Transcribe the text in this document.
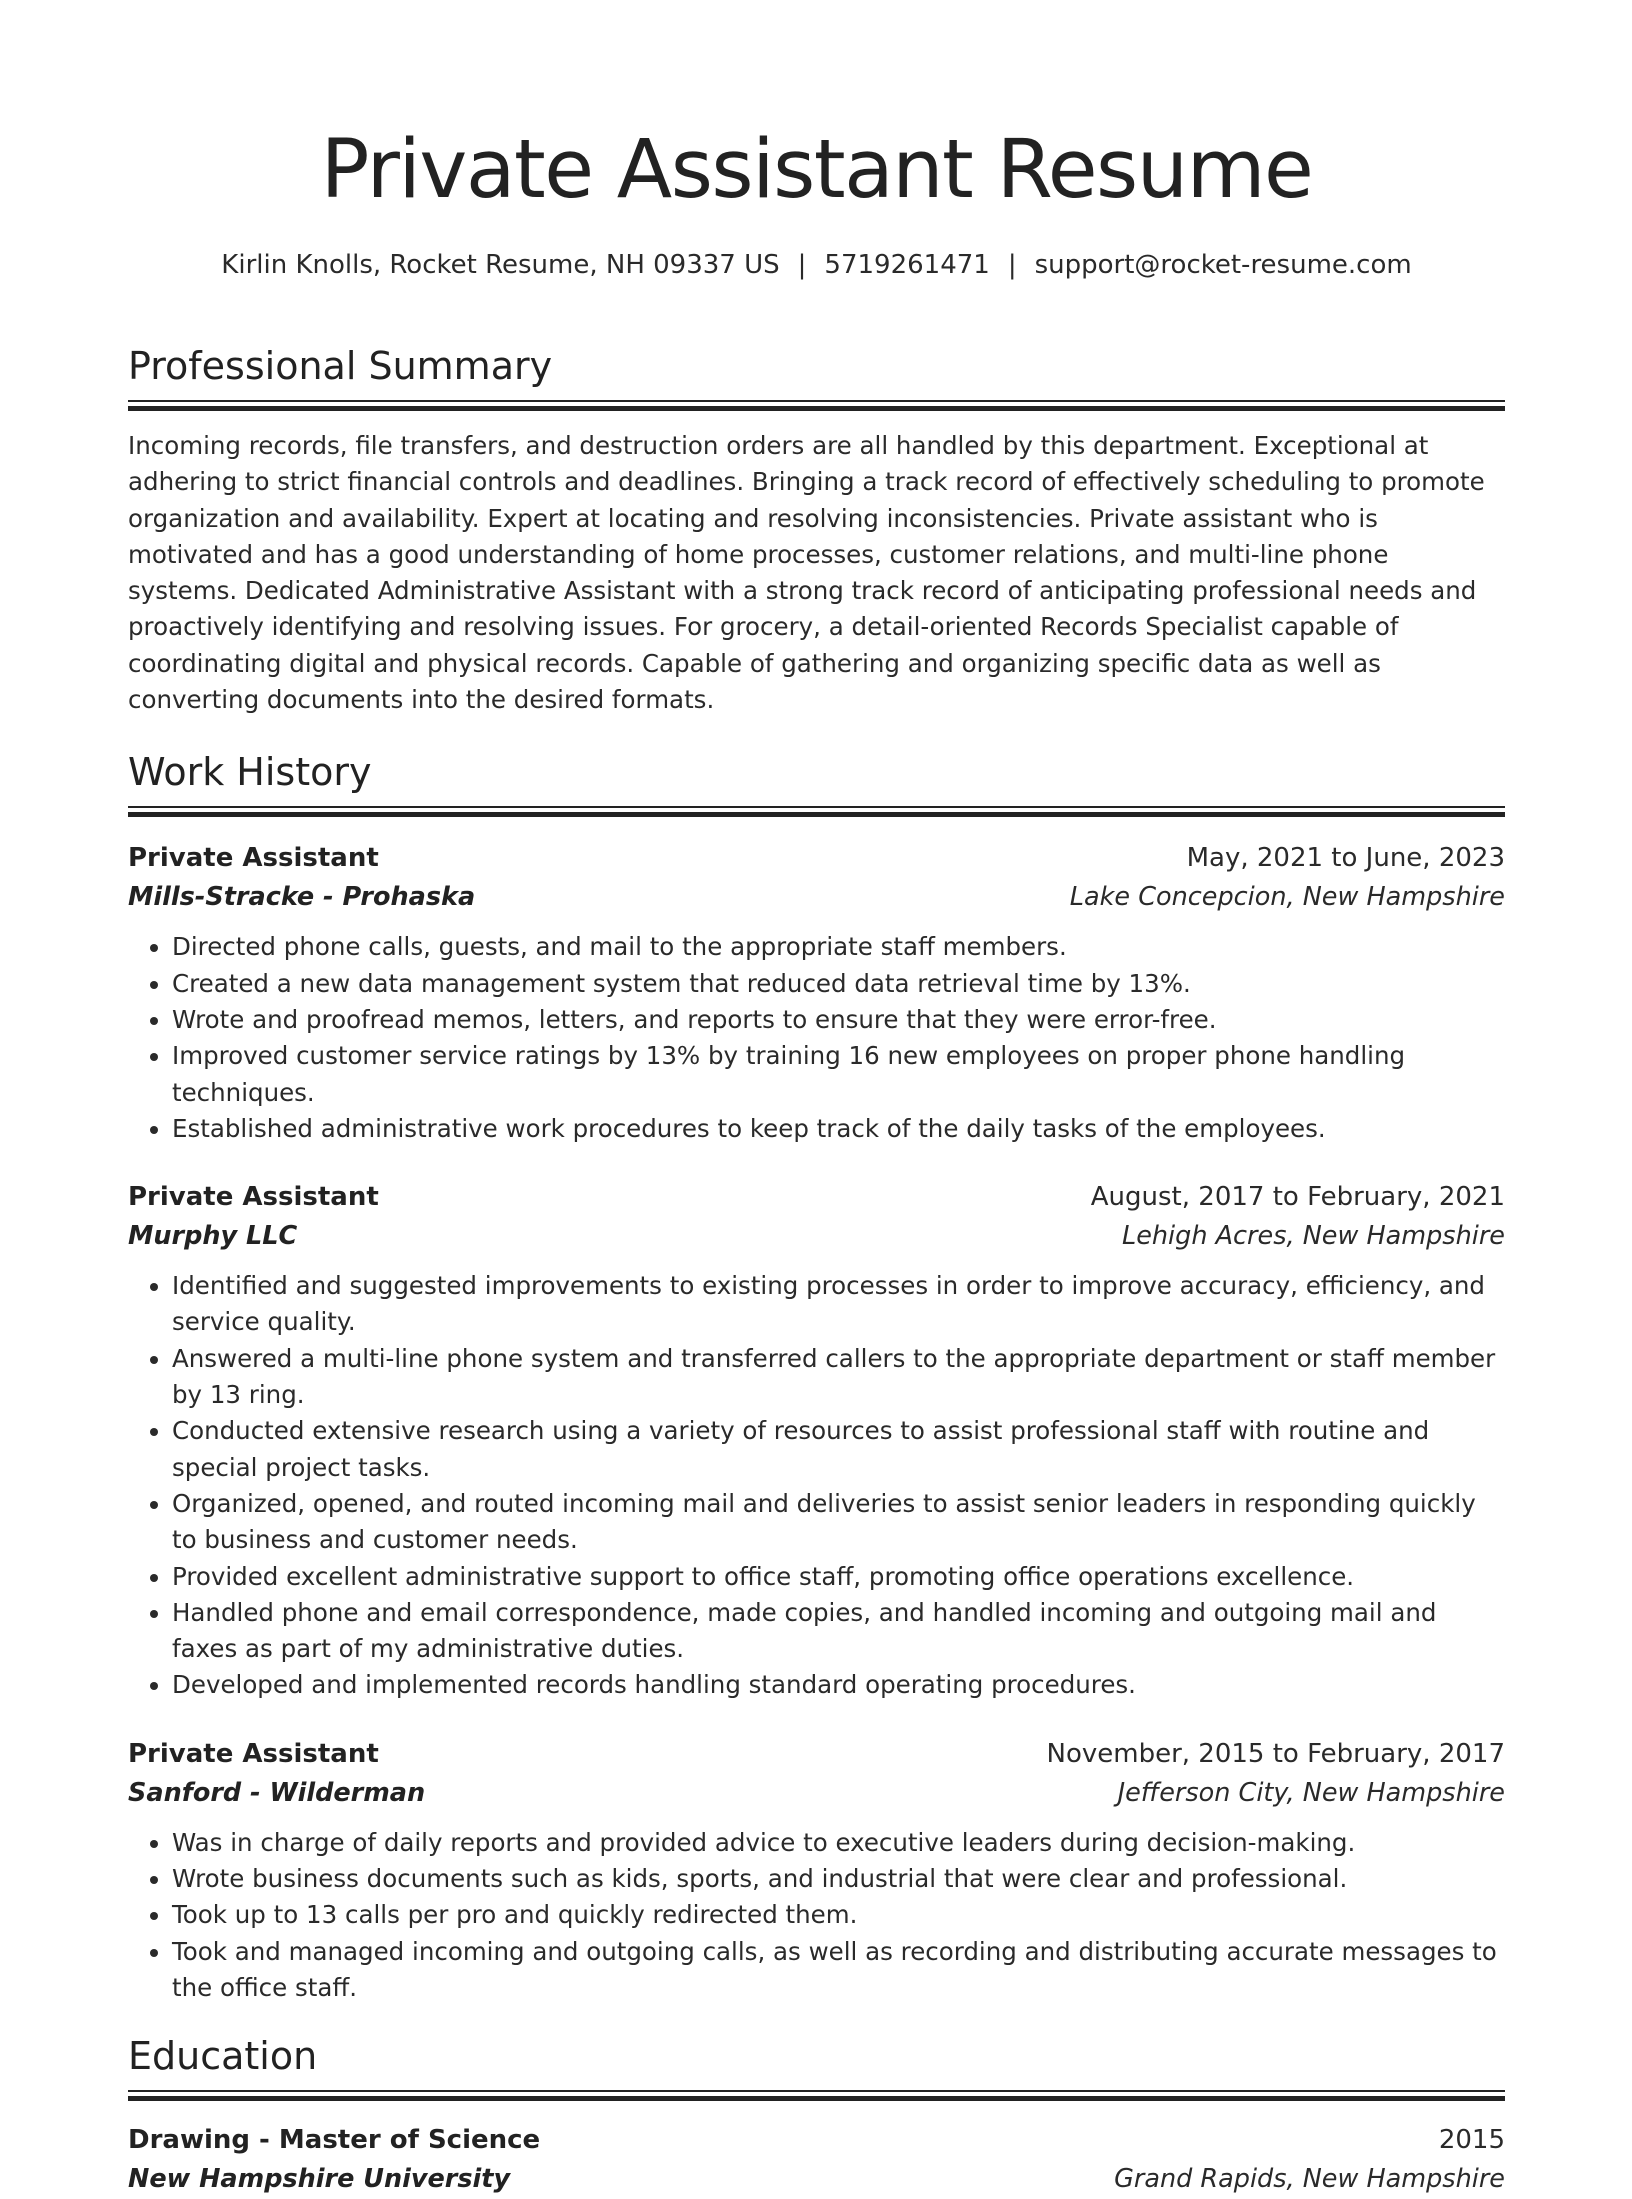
Private Assistant Resume
Kirlin Knolls, Rocket Resume, NH 09337 US | 5719261471 | support@rocket-resume.com
Professional Summary

Incoming records, file transfers, and destruction orders are all handled by this department. Exceptional at adhering to strict financial controls and deadlines. Bringing a track record of effectively scheduling to promote organization and availability. Expert at locating and resolving inconsistencies. Private assistant who is motivated and has a good understanding of home processes, customer relations, and multi-line phone systems. Dedicated Administrative Assistant with a strong track record of anticipating professional needs and proactively identifying and resolving issues. For grocery, a detail-oriented Records Specialist capable of coordinating digital and physical records. Capable of gathering and organizing specific data as well as converting documents into the desired formats.

Work History
Private Assistant	May, 2021 to June, 2023
Mills-Stracke - Prohaska	Lake Concepcion, New Hampshire
• Directed phone calls, guests, and mail to the appropriate staff members.
• Created a new data management system that reduced data retrieval time by 13%.
• Wrote and proofread memos, letters, and reports to ensure that they were error-free.
• Improved customer service ratings by 13% by training 16 new employees on proper phone handling techniques.
• Established administrative work procedures to keep track of the daily tasks of the employees.
Private Assistant	August, 2017 to February, 2021
Murphy LLC	Lehigh Acres, New Hampshire
• Identified and suggested improvements to existing processes in order to improve accuracy, efficiency, and service quality.
• Answered a multi-line phone system and transferred callers to the appropriate department or staff member by 13 ring.
• Conducted extensive research using a variety of resources to assist professional staff with routine and special project tasks.
• Organized, opened, and routed incoming mail and deliveries to assist senior leaders in responding quickly to business and customer needs.
• Provided excellent administrative support to office staff, promoting office operations excellence.
• Handled phone and email correspondence, made copies, and handled incoming and outgoing mail and faxes as part of my administrative duties.
• Developed and implemented records handling standard operating procedures.
Private Assistant	November, 2015 to February, 2017
Sanford - Wilderman	Jefferson City, New Hampshire
• Was in charge of daily reports and provided advice to executive leaders during decision-making.
• Wrote business documents such as kids, sports, and industrial that were clear and professional.
• Took up to 13 calls per pro and quickly redirected them.
• Took and managed incoming and outgoing calls, as well as recording and distributing accurate messages to the office staff.
Education
Drawing - Master of Science	2015
New Hampshire University	Grand Rapids, New Hampshire
